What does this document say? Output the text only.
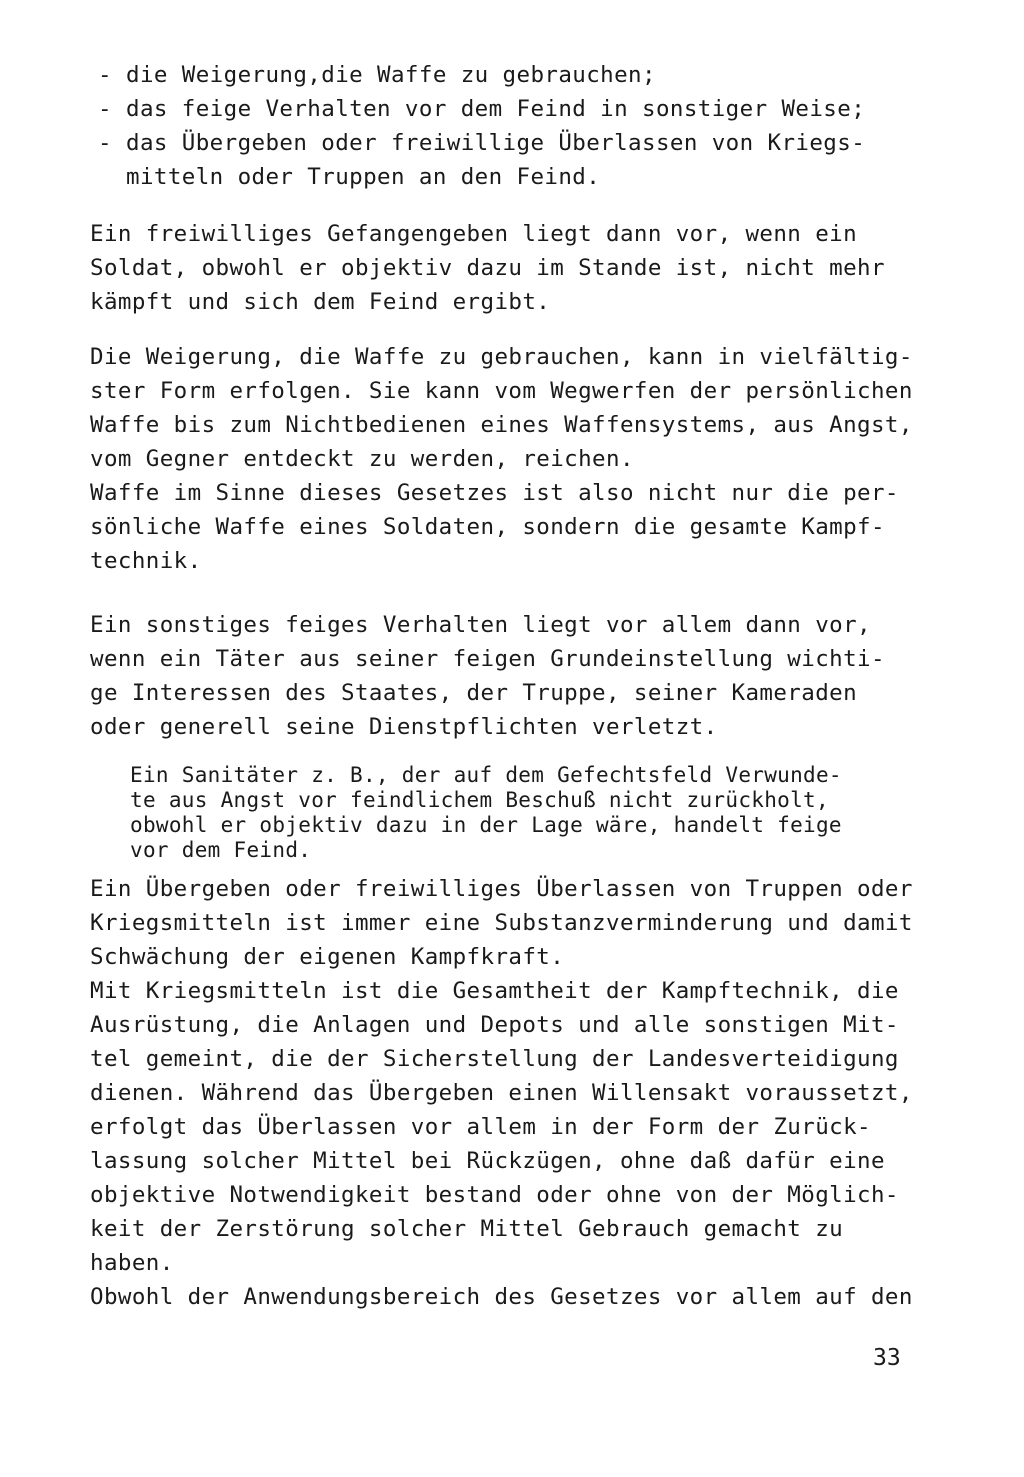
- die Weigerung,die Waffe zu gebrauchen;
- das feige Verhalten vor dem Feind in sonstiger Weise;
- das Übergeben oder freiwillige Überlassen von Kriegs-
mitteln oder Truppen an den Feind.
Ein freiwilliges Gefangengeben liegt dann vor, wenn ein
Soldat, obwohl er objektiv dazu im Stande ist, nicht mehr
kämpft und sich dem Feind ergibt.
Die Weigerung, die Waffe zu gebrauchen, kann in vielfältig-
ster Form erfolgen. Sie kann vom Wegwerfen der persönlichen
Waffe bis zum Nichtbedienen eines Waffensystems, aus Angst,
vom Gegner entdeckt zu werden, reichen.
Waffe im Sinne dieses Gesetzes ist also nicht nur die per-
sönliche Waffe eines Soldaten, sondern die gesamte Kampf-
technik.
Ein sonstiges feiges Verhalten liegt vor allem dann vor,
wenn ein Täter aus seiner feigen Grundeinstellung wichti-
ge Interessen des Staates, der Truppe, seiner Kameraden
oder generell seine Dienstpflichten verletzt.
Ein Sanitäter z. B., der auf dem Gefechtsfeld Verwunde-
te aus Angst vor feindlichem Beschuß nicht zurückholt,
obwohl er objektiv dazu in der Lage wäre, handelt feige
vor dem Feind.
Ein Übergeben oder freiwilliges Überlassen von Truppen oder
Kriegsmitteln ist immer eine Substanzverminderung und damit
Schwächung der eigenen Kampfkraft.
Mit Kriegsmitteln ist die Gesamtheit der Kampftechnik, die
Ausrüstung, die Anlagen und Depots und alle sonstigen Mit-
tel gemeint, die der Sicherstellung der Landesverteidigung
dienen. Während das Übergeben einen Willensakt voraussetzt,
erfolgt das Überlassen vor allem in der Form der Zurück-
lassung solcher Mittel bei Rückzügen, ohne daß dafür eine
objektive Notwendigkeit bestand oder ohne von der Möglich-
keit der Zerstörung solcher Mittel Gebrauch gemacht zu
haben.
Obwohl der Anwendungsbereich des Gesetzes vor allem auf den
33
